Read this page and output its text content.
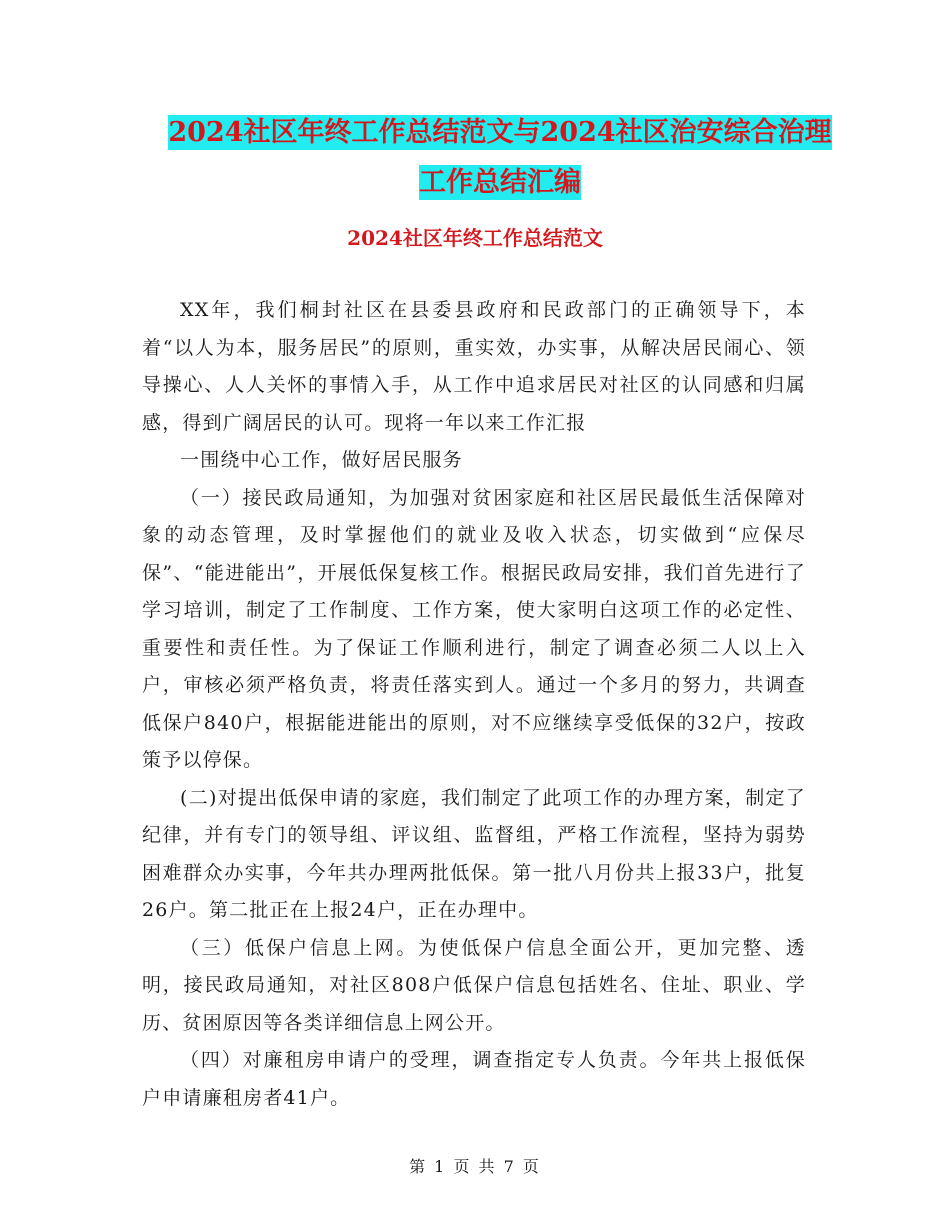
2024社区年终工作总结范文与2024社区治安综合治理
工作总结汇编
2024社区年终工作总结范文

XX年，我们桐封社区在县委县政府和民政部门的正确领导下，本着“以人为本，服务居民”的原则，重实效，办实事，从解决居民闹心、领导操心、人人关怀的事情入手，从工作中追求居民对社区的认同感和归属感，得到广阔居民的认可。现将一年以来工作汇报

一围绕中心工作，做好居民服务

（一）接民政局通知，为加强对贫困家庭和社区居民最低生活保障对象的动态管理，及时掌握他们的就业及收入状态，切实做到“应保尽保”、“能进能出”，开展低保复核工作。根据民政局安排，我们首先进行了学习培训，制定了工作制度、工作方案，使大家明白这项工作的必定性、重要性和责任性。为了保证工作顺利进行，制定了调查必须二人以上入户，审核必须严格负责，将责任落实到人。通过一个多月的努力，共调查低保户840户，根据能进能出的原则，对不应继续享受低保的32户，按政策予以停保。

(二)对提出低保申请的家庭，我们制定了此项工作的办理方案，制定了纪律，并有专门的领导组、评议组、监督组，严格工作流程，坚持为弱势困难群众办实事，今年共办理两批低保。第一批八月份共上报33户，批复26户。第二批正在上报24户，正在办理中。

（三）低保户信息上网。为使低保户信息全面公开，更加完整、透明，接民政局通知，对社区808户低保户信息包括姓名、住址、职业、学历、贫困原因等各类详细信息上网公开。

（四）对廉租房申请户的受理，调查指定专人负责。今年共上报低保户申请廉租房者41户。

第 1 页 共 7 页
